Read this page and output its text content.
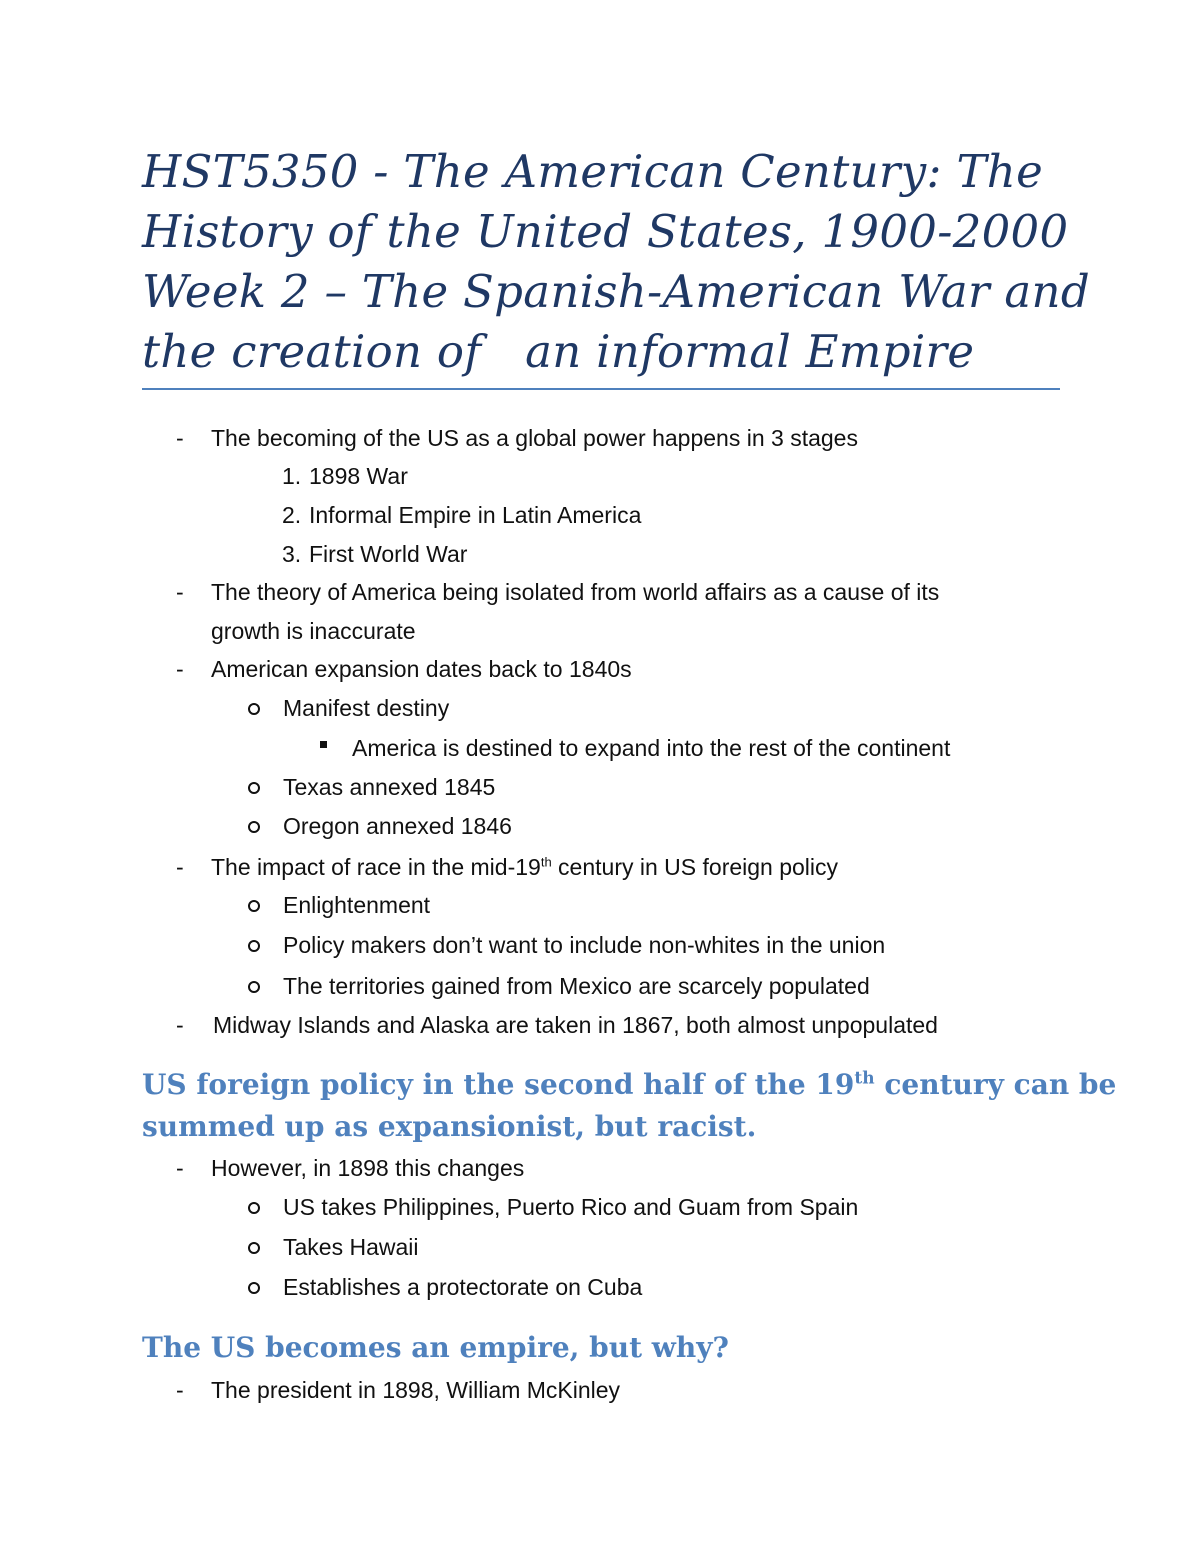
HST5350 - The American Century: The
History of the United States, 1900-2000
Week 2 – The Spanish-American War and
the creation of   an informal Empire
- The becoming of the US as a global power happens in 3 stages
1. 1898 War
2. Informal Empire in Latin America
3. First World War
- The theory of America being isolated from world affairs as a cause of its
growth is inaccurate
- American expansion dates back to 1840s
Manifest destiny
America is destined to expand into the rest of the continent
Texas annexed 1845
Oregon annexed 1846
- The impact of race in the mid-19th century in US foreign policy
Enlightenment
Policy makers don’t want to include non-whites in the union
The territories gained from Mexico are scarcely populated
- Midway Islands and Alaska are taken in 1867, both almost unpopulated
US foreign policy in the second half of the 19th century can be
summed up as expansionist, but racist.
- However, in 1898 this changes
US takes Philippines, Puerto Rico and Guam from Spain
Takes Hawaii
Establishes a protectorate on Cuba
The US becomes an empire, but why?
- The president in 1898, William McKinley
